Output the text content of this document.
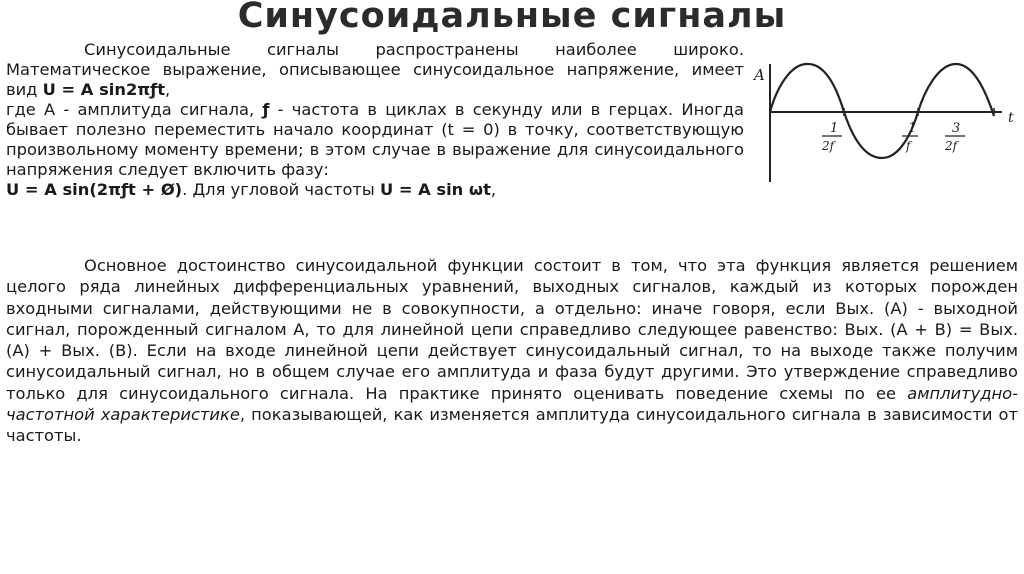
Синусоидальные сигналы
Синусоидальные сигналы распространены наиболее широко. Математическое выражение, описывающее синусоидальное напряжение, имеет вид U = A sin2πƒt,
где A - амплитуда сигнала, ƒ - частота в циклах в секунду или в герцах. Иногда бывает полезно переместить начало координат (t = 0) в точку, соответствующую произвольному моменту времени; в этом случае в выражение для синусоидального напряжения следует включить фазу:
U = A sin(2πƒt + Ø). Для угловой частоты U = A sin ωt,
A
t
1
2f
1
f
3
2f
Основное достоинство синусоидальной функции состоит в том, что эта функция является решением целого ряда линейных дифференциальных уравнений, выходных сигналов, каждый из которых порожден входными сигналами, действующими не в совокупности, а отдельно: иначе говоря, если Вых. (A) - выходной сигнал, порожденный сигналом A, то для линейной цепи справедливо следующее равенство: Вых. (A + B) = Вых. (A) + Вых. (B). Если на входе линейной цепи действует синусоидальный сигнал, то на выходе также получим синусоидальный сигнал, но в общем случае его амплитуда и фаза будут другими. Это утверждение справедливо только для синусоидального сигнала. На практике принято оценивать поведение схемы по ее амплитудно-частотной характеристике, показывающей, как изменяется амплитуда синусоидального сигнала в зависимости от частоты.
